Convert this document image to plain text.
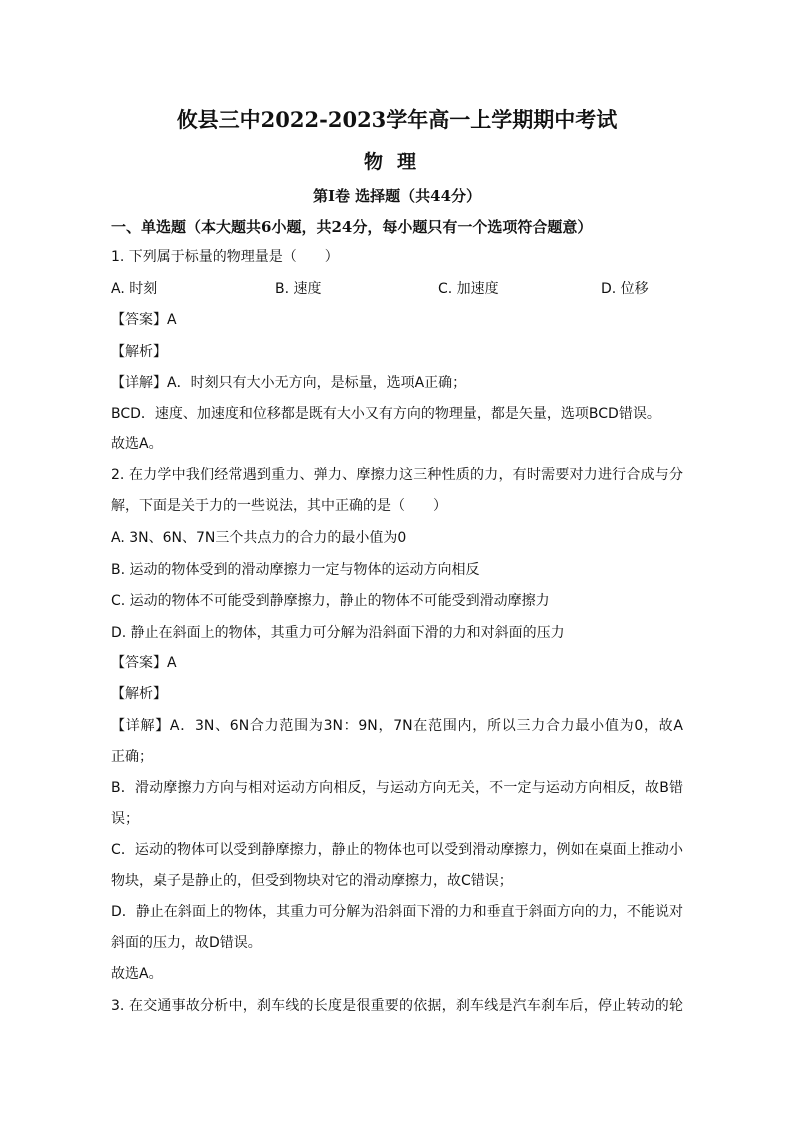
攸县三中2022-2023学年高一上学期期中考试
物理
第I卷 选择题（共44分）
一、单选题（本大题共6小题，共24分，每小题只有一个选项符合题意）
1. 下列属于标量的物理量是（　　）
A. 时刻	B. 速度	C. 加速度	D. 位移
【答案】A
【解析】
【详解】A．时刻只有大小无方向，是标量，选项A正确；
BCD．速度、加速度和位移都是既有大小又有方向的物理量，都是矢量，选项BCD错误。
故选A。
2. 在力学中我们经常遇到重力、弹力、摩擦力这三种性质的力，有时需要对力进行合成与分
解，下面是关于力的一些说法，其中正确的是（　　）
A. 3N、6N、7N三个共点力的合力的最小值为0
B. 运动的物体受到的滑动摩擦力一定与物体的运动方向相反
C. 运动的物体不可能受到静摩擦力，静止的物体不可能受到滑动摩擦力
D. 静止在斜面上的物体，其重力可分解为沿斜面下滑的力和对斜面的压力
【答案】A
【解析】
【详解】A．3N、6N合力范围为3N：9N，7N在范围内，所以三力合力最小值为0，故A
正确；
B．滑动摩擦力方向与相对运动方向相反，与运动方向无关，不一定与运动方向相反，故B错
误；
C．运动的物体可以受到静摩擦力，静止的物体也可以受到滑动摩擦力，例如在桌面上推动小
物块，桌子是静止的，但受到物块对它的滑动摩擦力，故C错误；
D．静止在斜面上的物体，其重力可分解为沿斜面下滑的力和垂直于斜面方向的力，不能说对
斜面的压力，故D错误。
故选A。
3. 在交通事故分析中，刹车线的长度是很重要的依据，刹车线是汽车刹车后，停止转动的轮
